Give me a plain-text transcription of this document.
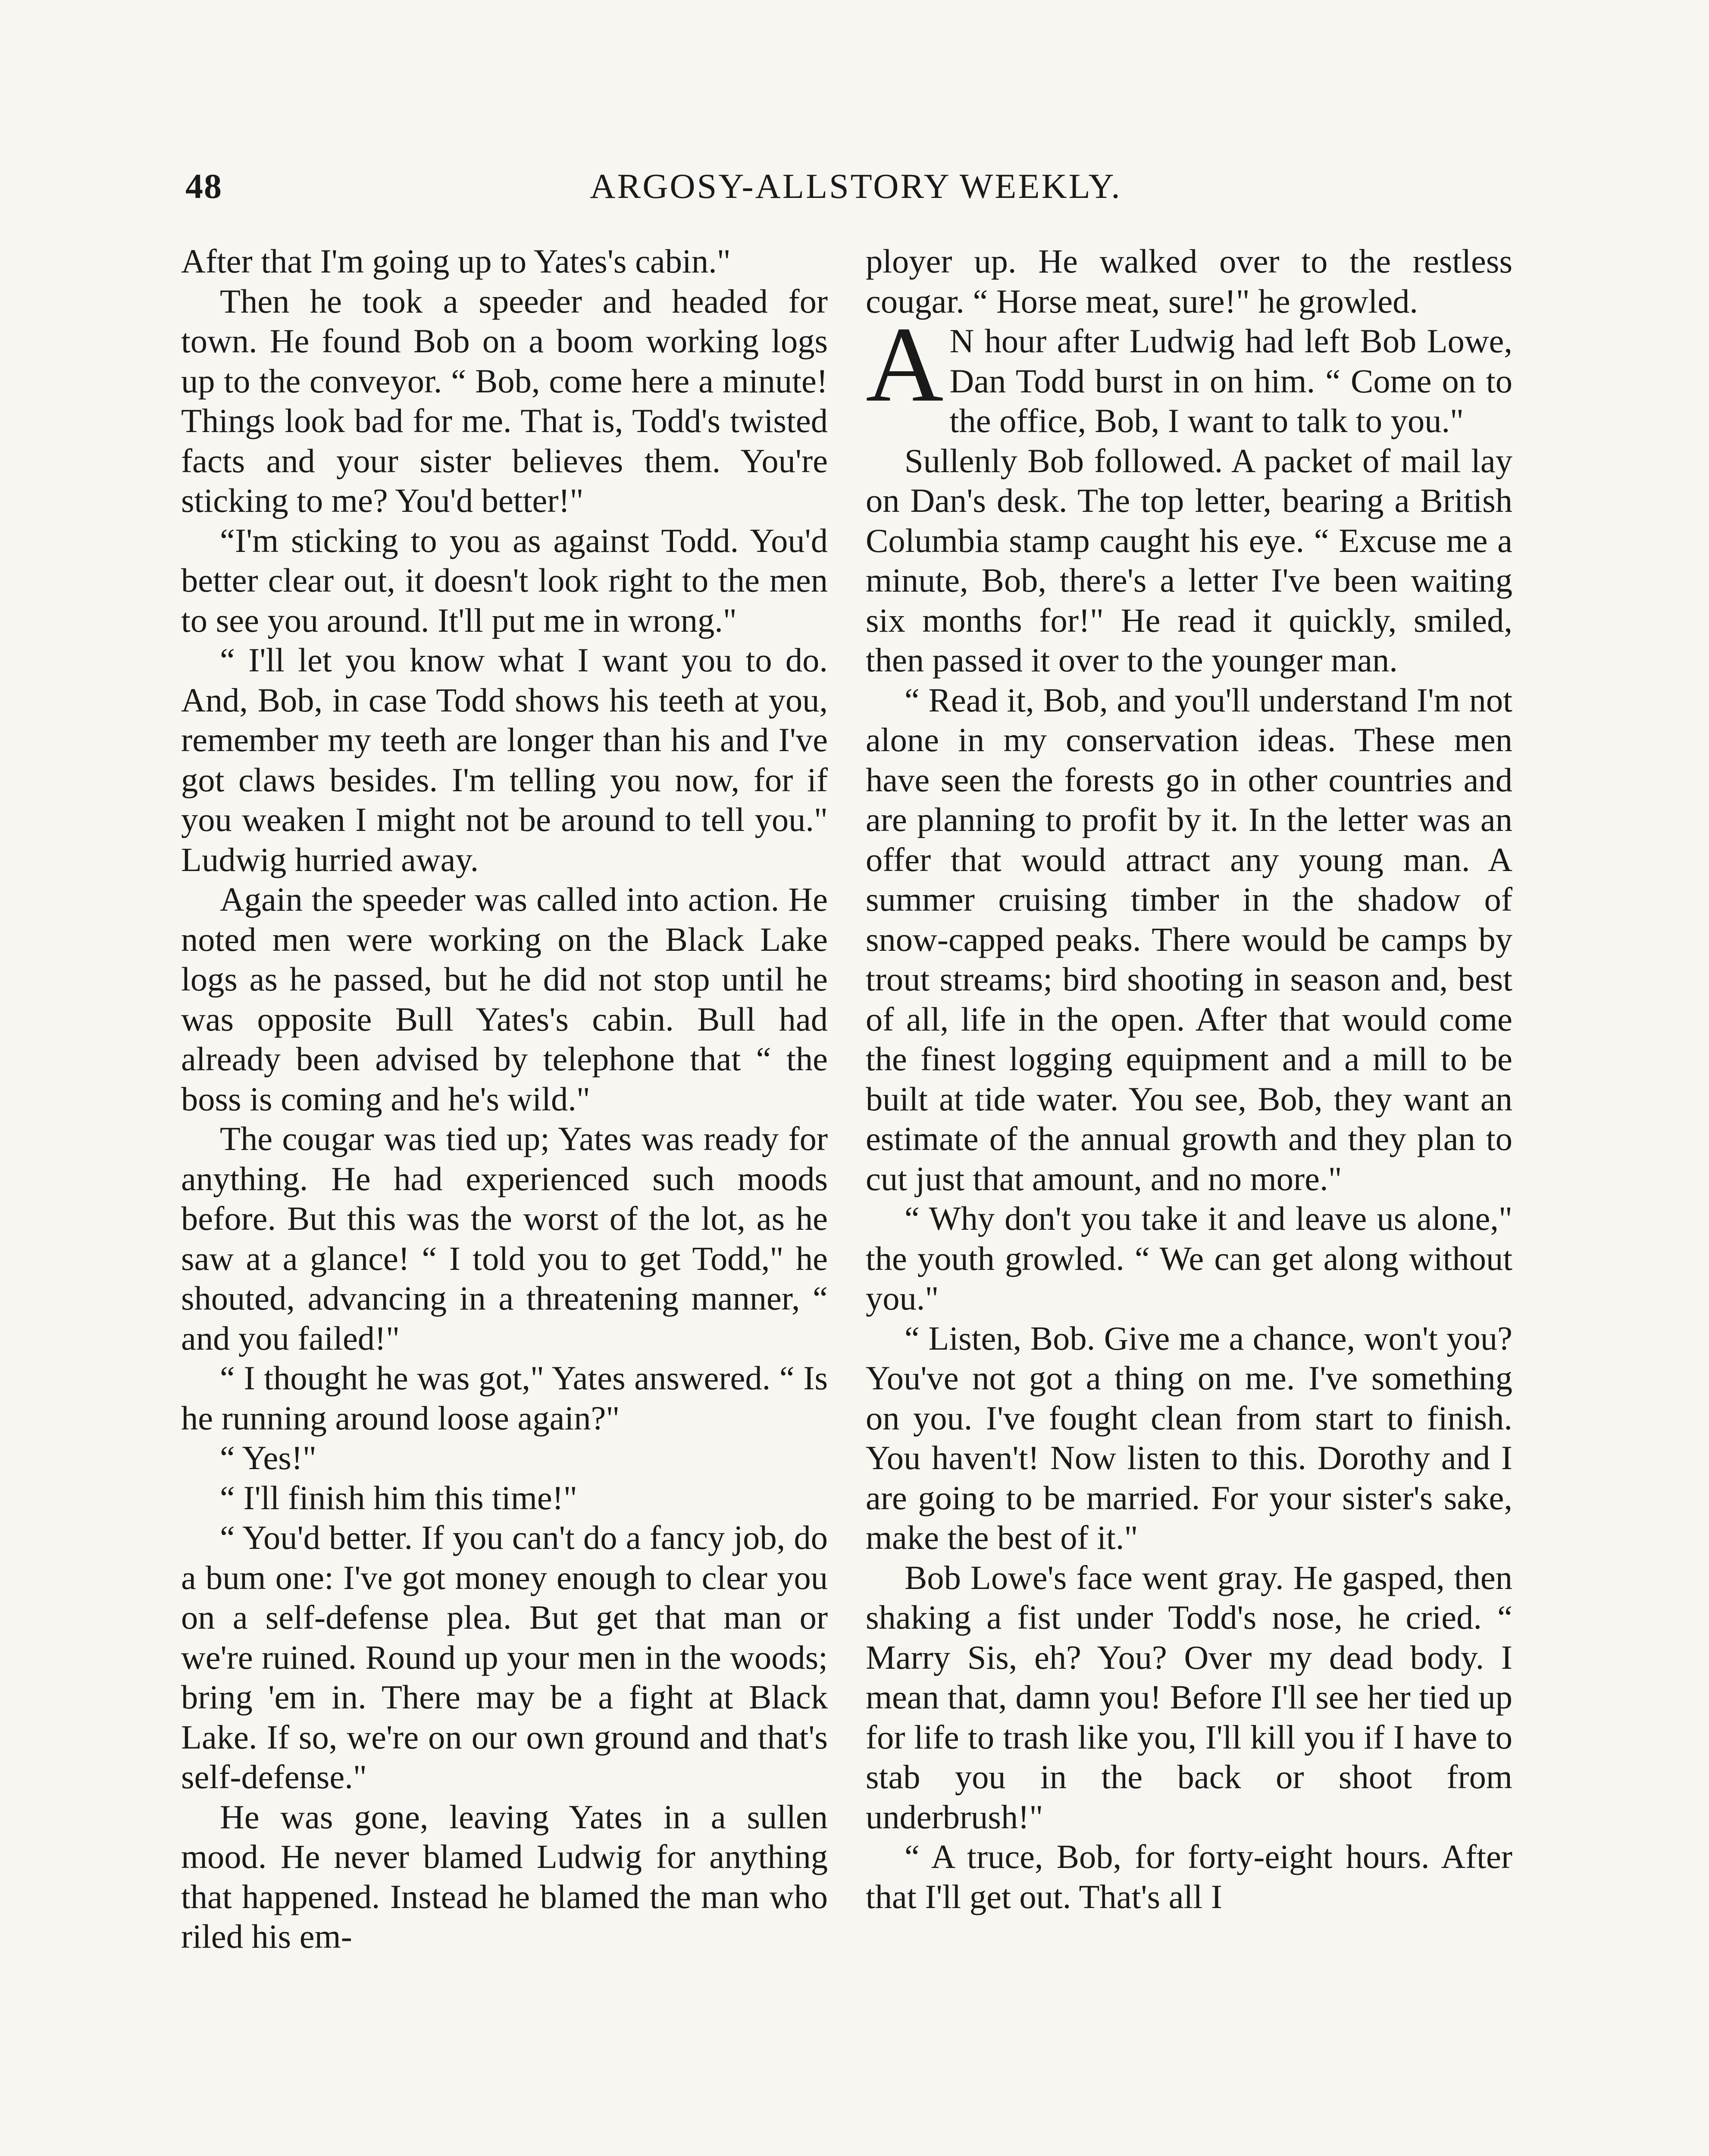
48	ARGOSY-ALLSTORY WEEKLY.

After that I'm going up to Yates's cabin."

Then he took a speeder and headed for town. He found Bob on a boom working logs up to the conveyor. “ Bob, come here a minute! Things look bad for me. That is, Todd's twisted facts and your sister believes them. You're sticking to me? You'd better!"

“I'm sticking to you as against Todd. You'd better clear out, it doesn't look right to the men to see you around. It'll put me in wrong."

“ I'll let you know what I want you to do. And, Bob, in case Todd shows his teeth at you, remember my teeth are longer than his and I've got claws besides. I'm telling you now, for if you weaken I might not be around to tell you." Ludwig hurried away.

Again the speeder was called into action. He noted men were working on the Black Lake logs as he passed, but he did not stop until he was opposite Bull Yates's cabin. Bull had already been advised by telephone that “ the boss is coming and he's wild."

The cougar was tied up; Yates was ready for anything. He had experienced such moods before. But this was the worst of the lot, as he saw at a glance! “ I told you to get Todd," he shouted, advancing in a threatening manner, “ and you failed!"

“ I thought he was got," Yates answered. “ Is he running around loose again?"

“ Yes!"

“ I'll finish him this time!"

“ You'd better. If you can't do a fancy job, do a bum one: I've got money enough to clear you on a self-defense plea. But get that man or we're ruined. Round up your men in the woods; bring 'em in. There may be a fight at Black Lake. If so, we're on our own ground and that's self-defense."

He was gone, leaving Yates in a sullen mood. He never blamed Ludwig for anything that happened. Instead he blamed the man who riled his em-

ployer up. He walked over to the restless cougar. “ Horse meat, sure!" he growled.

A N hour after Ludwig had left Bob Lowe, Dan Todd burst in on him. “ Come on to the office, Bob, I want to talk to you."

Sullenly Bob followed. A packet of mail lay on Dan's desk. The top letter, bearing a British Columbia stamp caught his eye. “ Excuse me a minute, Bob, there's a letter I've been waiting six months for!" He read it quickly, smiled, then passed it over to the younger man.

“ Read it, Bob, and you'll understand I'm not alone in my conservation ideas. These men have seen the forests go in other countries and are planning to profit by it. In the letter was an offer that would attract any young man. A summer cruising timber in the shadow of snow-capped peaks. There would be camps by trout streams; bird shooting in season and, best of all, life in the open. After that would come the finest logging equipment and a mill to be built at tide water. You see, Bob, they want an estimate of the annual growth and they plan to cut just that amount, and no more."

“ Why don't you take it and leave us alone," the youth growled. “ We can get along without you."

“ Listen, Bob. Give me a chance, won't you? You've not got a thing on me. I've something on you. I've fought clean from start to finish. You haven't! Now listen to this. Dorothy and I are going to be married. For your sister's sake, make the best of it."

Bob Lowe's face went gray. He gasped, then shaking a fist under Todd's nose, he cried. “ Marry Sis, eh? You? Over my dead body. I mean that, damn you! Before I'll see her tied up for life to trash like you, I'll kill you if I have to stab you in the back or shoot from underbrush!"

“ A truce, Bob, for forty-eight hours. After that I'll get out. That's all I
